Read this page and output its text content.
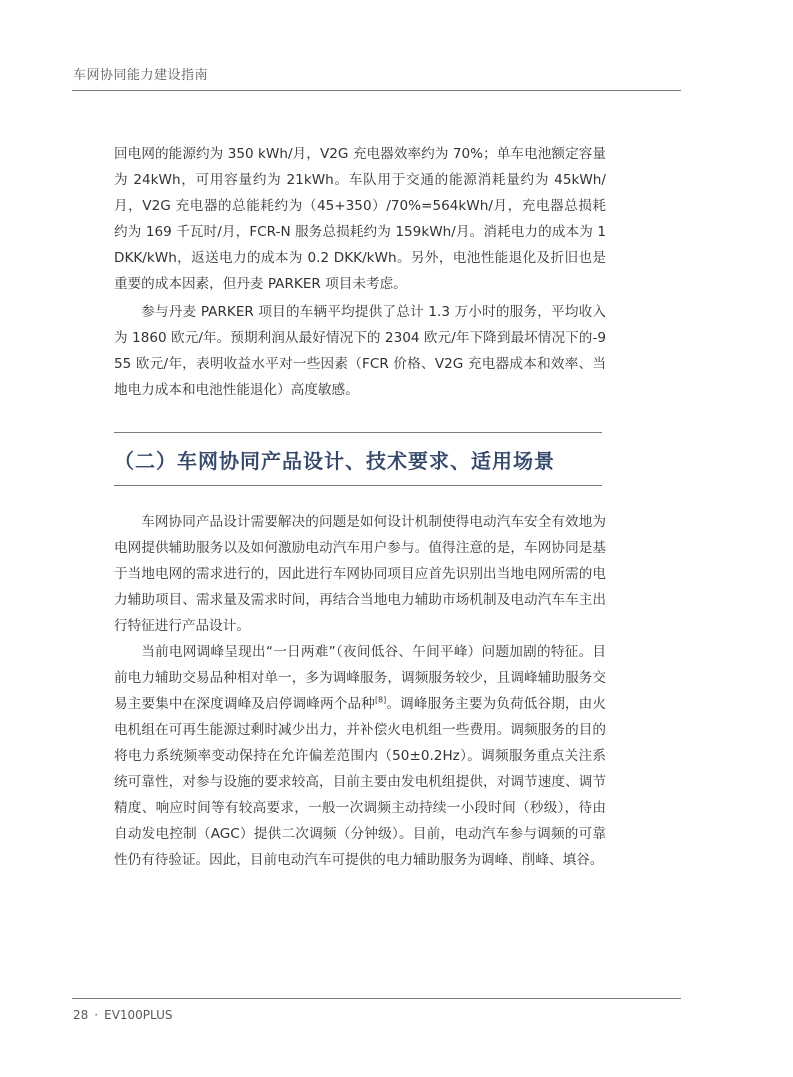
车网协同能力建设指南

回电网的能源约为 350 kWh/月，V2G 充电器效率约为 70%；单车电池额定容量为 24kWh，可用容量约为 21kWh。车队用于交通的能源消耗量约为 45kWh/月，V2G 充电器的总能耗约为（45+350）/70%=564kWh/月，充电器总损耗约为 169 千瓦时/月，FCR-N 服务总损耗约为 159kWh/月。消耗电力的成本为 1 DKK/kWh，返送电力的成本为 0.2 DKK/kWh。另外，电池性能退化及折旧也是重要的成本因素，但丹麦 PARKER 项目未考虑。

参与丹麦 PARKER 项目的车辆平均提供了总计 1.3 万小时的服务，平均收入为 1860 欧元/年。预期利润从最好情况下的 2304 欧元/年下降到最坏情况下的-955 欧元/年，表明收益水平对一些因素（FCR 价格、V2G 充电器成本和效率、当地电力成本和电池性能退化）高度敏感。

（二）车网协同产品设计、技术要求、适用场景

车网协同产品设计需要解决的问题是如何设计机制使得电动汽车安全有效地为电网提供辅助服务以及如何激励电动汽车用户参与。值得注意的是，车网协同是基于当地电网的需求进行的，因此进行车网协同项目应首先识别出当地电网所需的电力辅助项目、需求量及需求时间，再结合当地电力辅助市场机制及电动汽车车主出行特征进行产品设计。

当前电网调峰呈现出“一日两难”（夜间低谷、午间平峰）问题加剧的特征。目前电力辅助交易品种相对单一，多为调峰服务，调频服务较少，且调峰辅助服务交易主要集中在深度调峰及启停调峰两个品种[8]。调峰服务主要为负荷低谷期，由火电机组在可再生能源过剩时减少出力，并补偿火电机组一些费用。调频服务的目的将电力系统频率变动保持在允许偏差范围内（50±0.2Hz）。调频服务重点关注系统可靠性，对参与设施的要求较高，目前主要由发电机组提供，对调节速度、调节精度、响应时间等有较高要求，一般一次调频主动持续一小段时间（秒级），待由自动发电控制（AGC）提供二次调频（分钟级）。目前，电动汽车参与调频的可靠性仍有待验证。因此，目前电动汽车可提供的电力辅助服务为调峰、削峰、填谷。

28 · EV100PLUS
